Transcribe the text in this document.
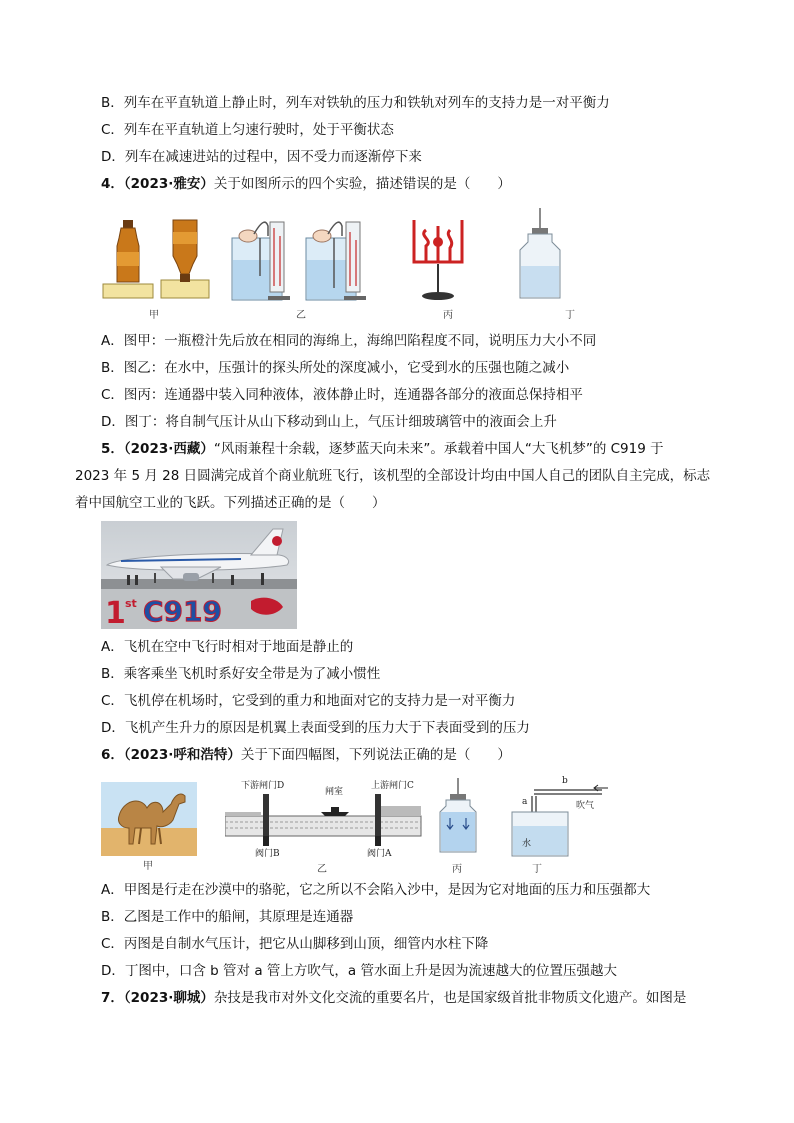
B．列车在平直轨道上静止时，列车对铁轨的压力和铁轨对列车的支持力是一对平衡力
C．列车在平直轨道上匀速行驶时，处于平衡状态
D．列车在减速进站的过程中，因不受力而逐渐停下来
4．（2023·雅安）关于如图所示的四个实验，描述错误的是（　　）
甲	乙	丙	丁
A．图甲：一瓶橙汁先后放在相同的海绵上，海绵凹陷程度不同，说明压力大小不同
B．图乙：在水中，压强计的探头所处的深度减小，它受到水的压强也随之减小
C．图丙：连通器中装入同种液体，液体静止时，连通器各部分的液面总保持相平
D．图丁：将自制气压计从山下移动到山上，气压计细玻璃管中的液面会上升
5．（2023·西藏）“风雨兼程十余载，逐梦蓝天向未来”。承载着中国人“大飞机梦”的 C919 于
2023 年 5 月 28 日圆满完成首个商业航班飞行，该机型的全部设计均由中国人自己的团队自主完成，标志
着中国航空工业的飞跃。下列描述正确的是（　　）
1 st C919
A．飞机在空中飞行时相对于地面是静止的
B．乘客乘坐飞机时系好安全带是为了减小惯性
C．飞机停在机场时，它受到的重力和地面对它的支持力是一对平衡力
D．飞机产生升力的原因是机翼上表面受到的压力大于下表面受到的压力
6．（2023·呼和浩特）关于下面四幅图，下列说法正确的是（　　）
甲
下游闸门D
闸室
上游闸门C
阀门B	阀门A
乙	丙
b
吹气
a
水
丁
A．甲图是行走在沙漠中的骆驼，它之所以不会陷入沙中，是因为它对地面的压力和压强都大
B．乙图是工作中的船闸，其原理是连通器
C．丙图是自制水气压计，把它从山脚移到山顶，细管内水柱下降
D．丁图中，口含 b 管对 a 管上方吹气，a 管水面上升是因为流速越大的位置压强越大
7．（2023·聊城）杂技是我市对外文化交流的重要名片，也是国家级首批非物质文化遗产。如图是
